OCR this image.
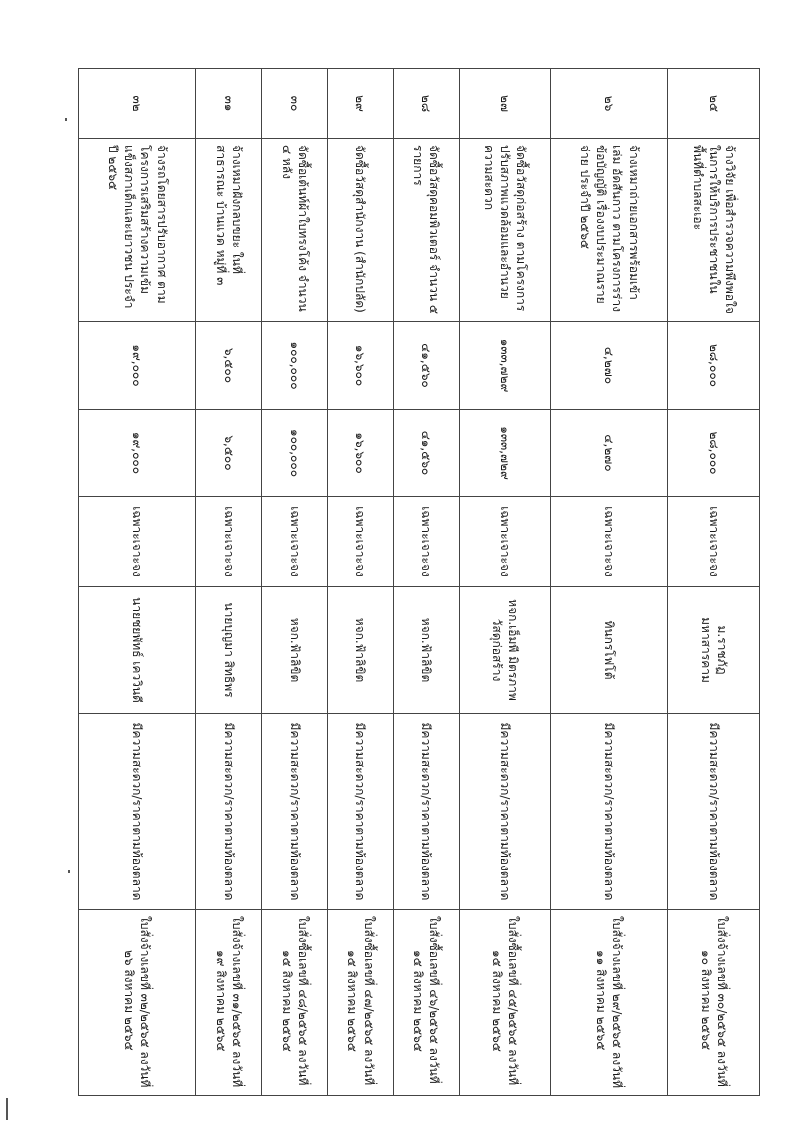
๒๕	จ้างวิจัย เพื่อสำรวจความพึงพอใจในการให้บริการประชาชนในพื้นที่ตำบลสะเอะ	๒๘,๐๐๐	๒๘,๐๐๐	เฉพาะเจาะจง	ม.ราชภัฏมหาสารคาม	มีความสะดวก/ราคาตามท้องตลาด	ใบสั่งจ้างเลขที่ ๓๐/๒๕๖๕ ลงวันที่
๑๐ สิงหาคม ๒๕๖๕

๒๖	จ้างเหมาถ่ายเอกสารพร้อมเข้าเล่ม อัดสันกาว ตามโครงการร่างข้อบัญญัติ เรื่องงบประมาณรายจ่าย ประจำปี ๒๕๖๕	๔,๒๗๐	๔,๒๗๐	เฉพาะเจาะจง	ทินกรโฟโต้	มีความสะดวก/ราคาตามท้องตลาด	ใบสั่งจ้างเลขที่ ๒๙/๒๕๖๕ ลงวันที่
๑๑ สิงหาคม ๒๕๖๕

๒๗	จัดซื้อวัสดุก่อสร้าง ตามโครงการปรับสภาพแวดล้อมและอำนวยความสะดวก	๑๓๓,๗๒๙	๑๓๓,๗๒๙	เฉพาะเจาะจง	หจก.เอ็มพี มิตรภาพวัสดุก่อสร้าง	มีความสะดวก/ราคาตามท้องตลาด	ใบสั่งซื้อเลขที่ ๔๕/๒๕๖๕ ลงวันที่
๑๕ สิงหาคม ๒๕๖๕

๒๘	จัดซื้อวัสดุคอมพิวเตอร์ จำนวน ๕ รายการ	๔๑,๕๖๐	๔๑,๕๖๐	เฉพาะเจาะจง	หจก.ฟ้าลิขิต	มีความสะดวก/ราคาตามท้องตลาด	ใบสั่งซื้อเลขที่ ๔๖/๒๕๖๕ ลงวันที่
๑๕ สิงหาคม ๒๕๖๕

๒๙	จัดซื้อวัสดุสำนักงาน (สำนักปลัด)	๑๖,๖๐๐	๑๖,๖๐๐	เฉพาะเจาะจง	หจก.ฟ้าลิขิต	มีความสะดวก/ราคาตามท้องตลาด	ใบสั่งซื้อเลขที่ ๔๗/๒๕๖๕ ลงวันที่
๑๕ สิงหาคม ๒๕๖๕

๓๐	จัดซื้อเต้นท์ผ้าใบทรงโค้ง จำนวน ๔ หลัง	๑๐๐,๐๐๐	๑๐๐,๐๐๐	เฉพาะเจาะจง	หจก.ฟ้าลิขิต	มีความสะดวก/ราคาตามท้องตลาด	ใบสั่งซื้อเลขที่ ๔๘/๒๕๖๕ ลงวันที่
๑๕ สิงหาคม ๒๕๖๕

๓๑	จ้างเหมาฝังกลบขยะ ในที่สาธารณะ บ้านแวด หมู่ที่ ๓	๖,๕๐๐	๖,๕๐๐	เฉพาะเจาะจง	นายบุญมา สิทธิพร	มีความสะดวก/ราคาตามท้องตลาด	ใบสั่งจ้างเลขที่ ๓๑/๒๕๖๕ ลงวันที่
๑๙ สิงหาคม ๒๕๖๕

๓๒	จ้างรถโดยสารปรับอากาศ ตามโครงการเสริมสร้างความเข้มแข็งสภาเด็กและเยาวชน ประจำปี ๒๕๖๕	๑๙,๐๐๐	๑๙,๐๐๐	เฉพาะเจาะจง	นายชยพัทธ์ เคววินดี	มีความสะดวก/ราคาตามท้องตลาด	ใบสั่งจ้างเลขที่ ๓๒/๒๕๖๕ ลงวันที่
๒๖ สิงหาคม ๒๕๖๕
